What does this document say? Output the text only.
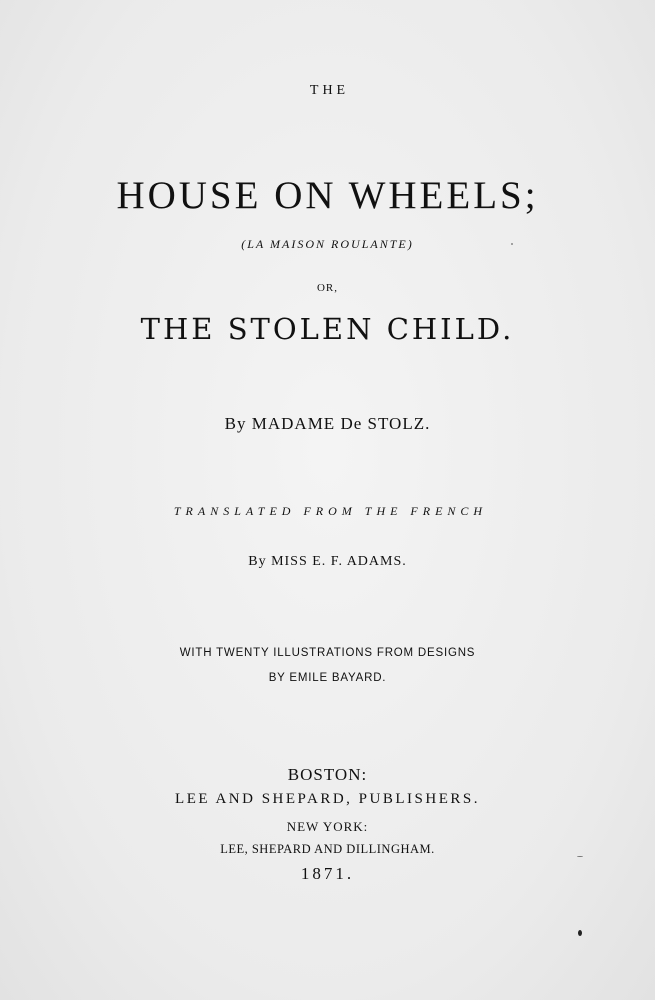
THE
HOUSE ON WHEELS;
(LA MAISON ROULANTE)
OR,
THE STOLEN CHILD.
By MADAME De STOLZ.
TRANSLATED FROM THE FRENCH
By MISS E. F. ADAMS.
WITH TWENTY ILLUSTRATIONS FROM DESIGNS
BY EMILE BAYARD.
BOSTON:
LEE AND SHEPARD, PUBLISHERS.
NEW YORK:
LEE, SHEPARD AND DILLINGHAM.
1871.
